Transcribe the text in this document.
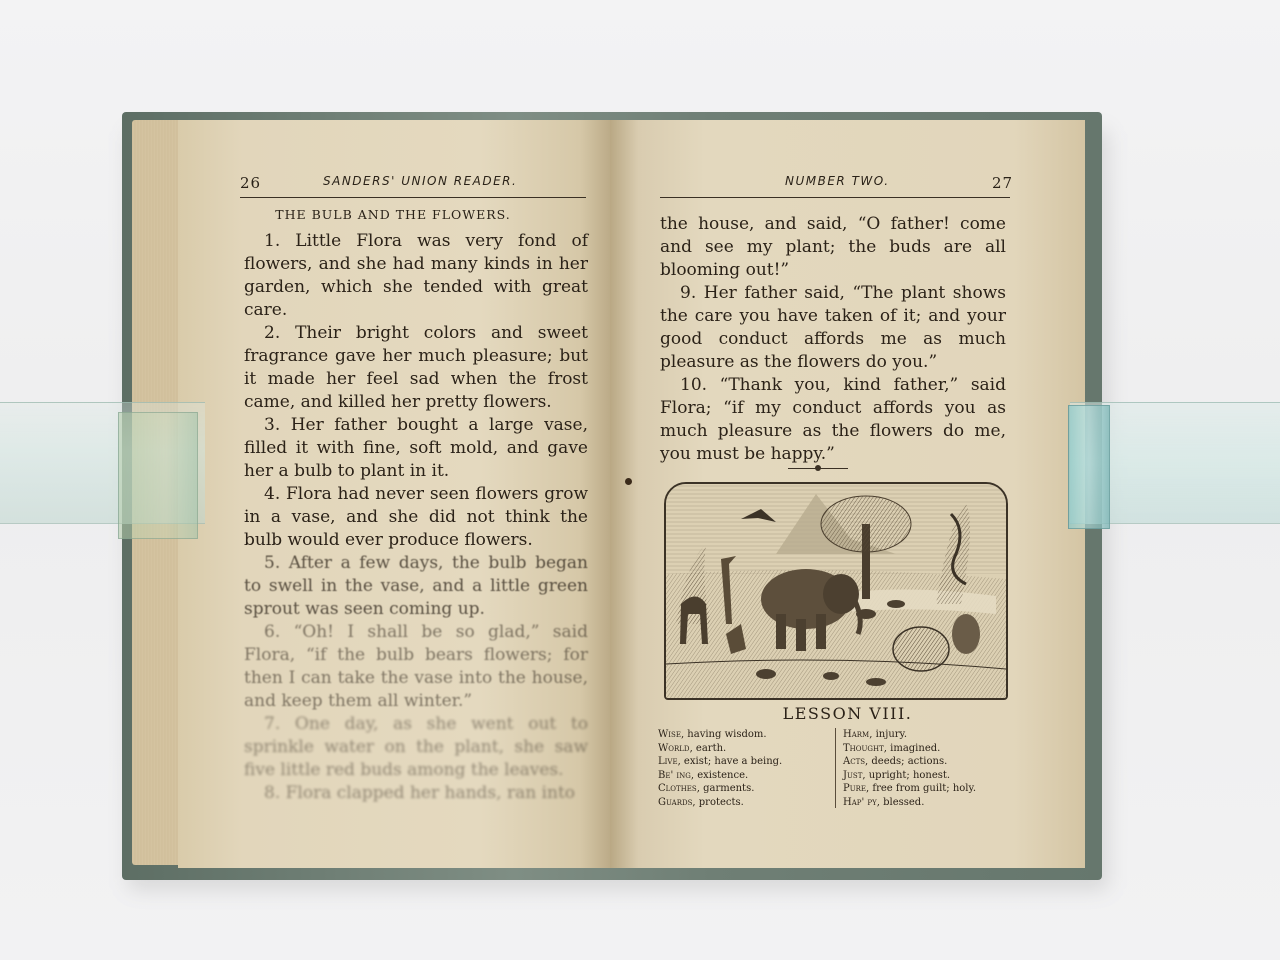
26	SANDERS' UNION READER.
THE BULB AND THE FLOWERS.

1. Little Flora was very fond of flowers, and she had many kinds in her garden, which she tended with great care.

2. Their bright colors and sweet fragrance gave her much pleasure; but it made her feel sad when the frost came, and killed her pretty flowers.

3. Her father bought a large vase, filled it with fine, soft mold, and gave her a bulb to plant in it.

4. Flora had never seen flowers grow in a vase, and she did not think the bulb would ever produce flowers.

5. After a few days, the bulb began to swell in the vase, and a little green sprout was seen coming up.

6. “Oh! I shall be so glad,” said Flora, “if the bulb bears flowers; for then I can take the vase into the house, and keep them all winter.”

7. One day, as she went out to sprinkle water on the plant, she saw five little red buds among the leaves.

8. Flora clapped her hands, ran into

NUMBER TWO.	27

the house, and said, “O father! come and see my plant; the buds are all blooming out!”

9. Her father said, “The plant shows the care you have taken of it; and your good conduct affords me as much pleasure as the flowers do you.”

10. “Thank you, kind father,” said Flora; “if my conduct affords you as much pleasure as the flowers do me, you must be happy.”

LESSON VIII.
Wise, having wisdom.
World, earth.
Live, exist; have a being.
Be' ing, existence.
Clothes, garments.
Guards, protects.
Harm, injury.
Thought, imagined.
Acts, deeds; actions.
Just, upright; honest.
Pure, free from guilt; holy.
Hap' py, blessed.
